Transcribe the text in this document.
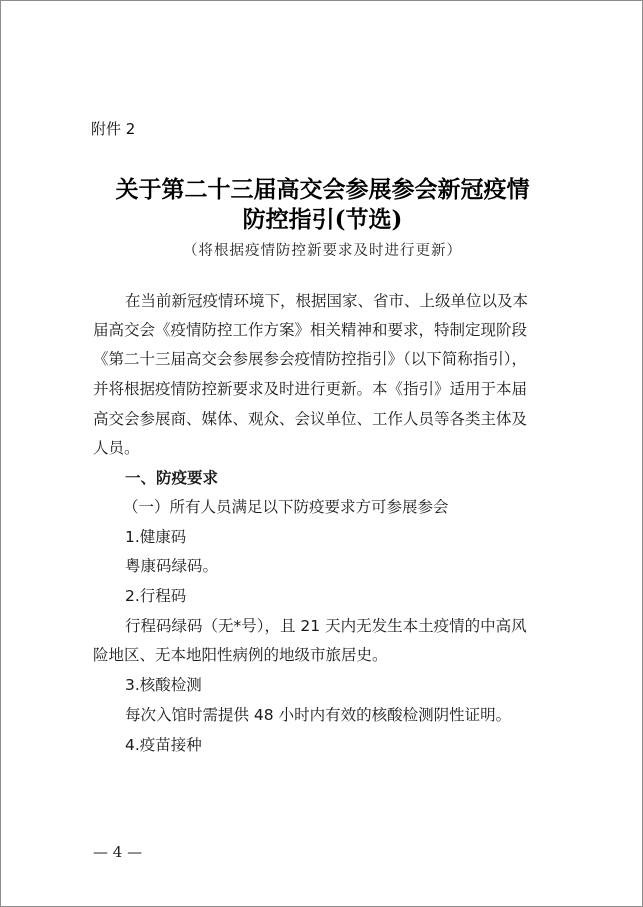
附件 2
关于第二十三届高交会参展参会新冠疫情
防控指引(节选)
（将根据疫情防控新要求及时进行更新）
在当前新冠疫情环境下，根据国家、省市、上级单位以及本
届高交会《疫情防控工作方案》相关精神和要求，特制定现阶段
《第二十三届高交会参展参会疫情防控指引》（以下简称指引），
并将根据疫情防控新要求及时进行更新。本《指引》适用于本届
高交会参展商、媒体、观众、会议单位、工作人员等各类主体及
人员。
一、防疫要求
（一）所有人员满足以下防疫要求方可参展参会
1.健康码
粤康码绿码。
2.行程码
行程码绿码（无*号），且 21 天内无发生本土疫情的中高风
险地区、无本地阳性病例的地级市旅居史。
3.核酸检测
每次入馆时需提供 48 小时内有效的核酸检测阴性证明。
4.疫苗接种
— 4 —
